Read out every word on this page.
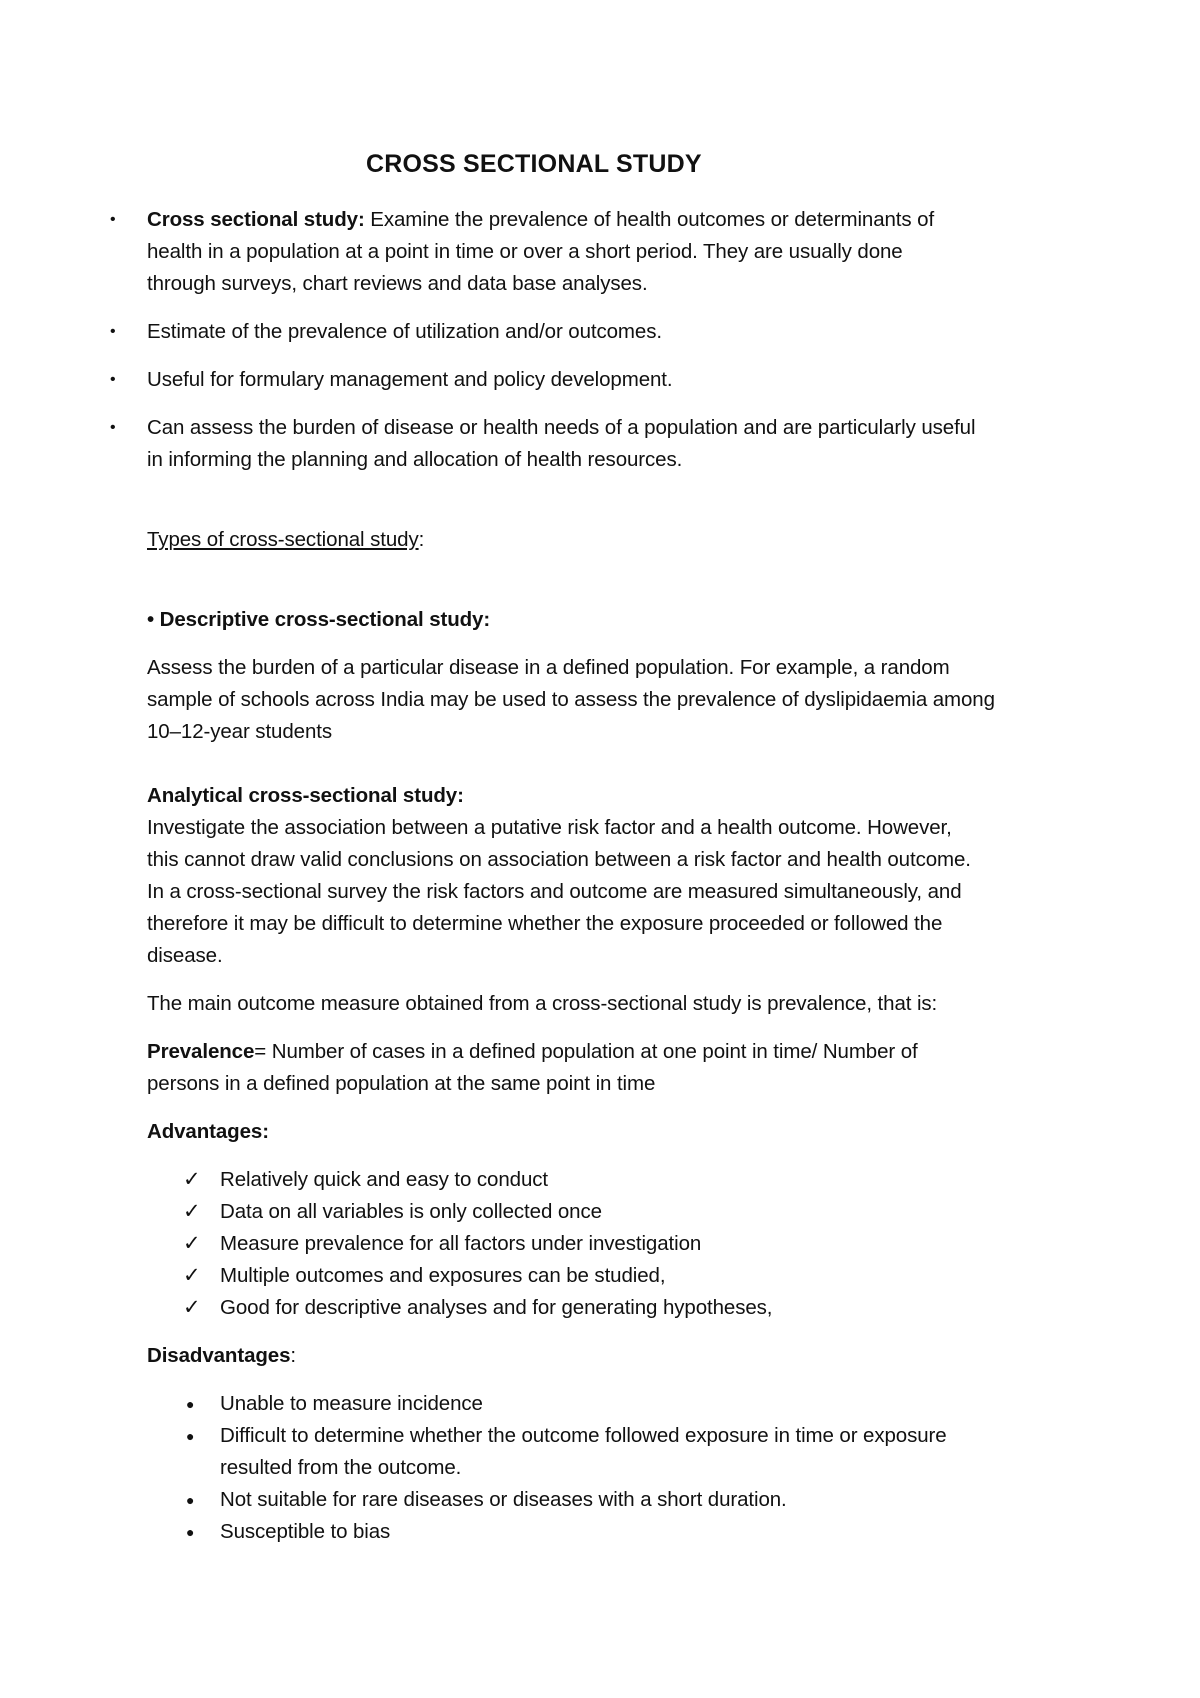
CROSS SECTIONAL STUDY
• Cross sectional study: Examine the prevalence of health outcomes or determinants of
health in a population at a point in time or over a short period. They are usually done
through surveys, chart reviews and data base analyses.
• Estimate of the prevalence of utilization and/or outcomes.
• Useful for formulary management and policy development.
• Can assess the burden of disease or health needs of a population and are particularly useful
in informing the planning and allocation of health resources.
Types of cross-sectional study:
• Descriptive cross-sectional study:
Assess the burden of a particular disease in a defined population. For example, a random
sample of schools across India may be used to assess the prevalence of dyslipidaemia among
10–12-year students
Analytical cross-sectional study:
Investigate the association between a putative risk factor and a health outcome. However,
this cannot draw valid conclusions on association between a risk factor and health outcome.
In a cross-sectional survey the risk factors and outcome are measured simultaneously, and
therefore it may be difficult to determine whether the exposure proceeded or followed the
disease.
The main outcome measure obtained from a cross-sectional study is prevalence, that is:
Prevalence= Number of cases in a defined population at one point in time/ Number of
persons in a defined population at the same point in time
Advantages:
✓ Relatively quick and easy to conduct
✓ Data on all variables is only collected once
✓ Measure prevalence for all factors under investigation
✓ Multiple outcomes and exposures can be studied,
✓ Good for descriptive analyses and for generating hypotheses,
Disadvantages:
● Unable to measure incidence
● Difficult to determine whether the outcome followed exposure in time or exposure
resulted from the outcome.
● Not suitable for rare diseases or diseases with a short duration.
● Susceptible to bias
